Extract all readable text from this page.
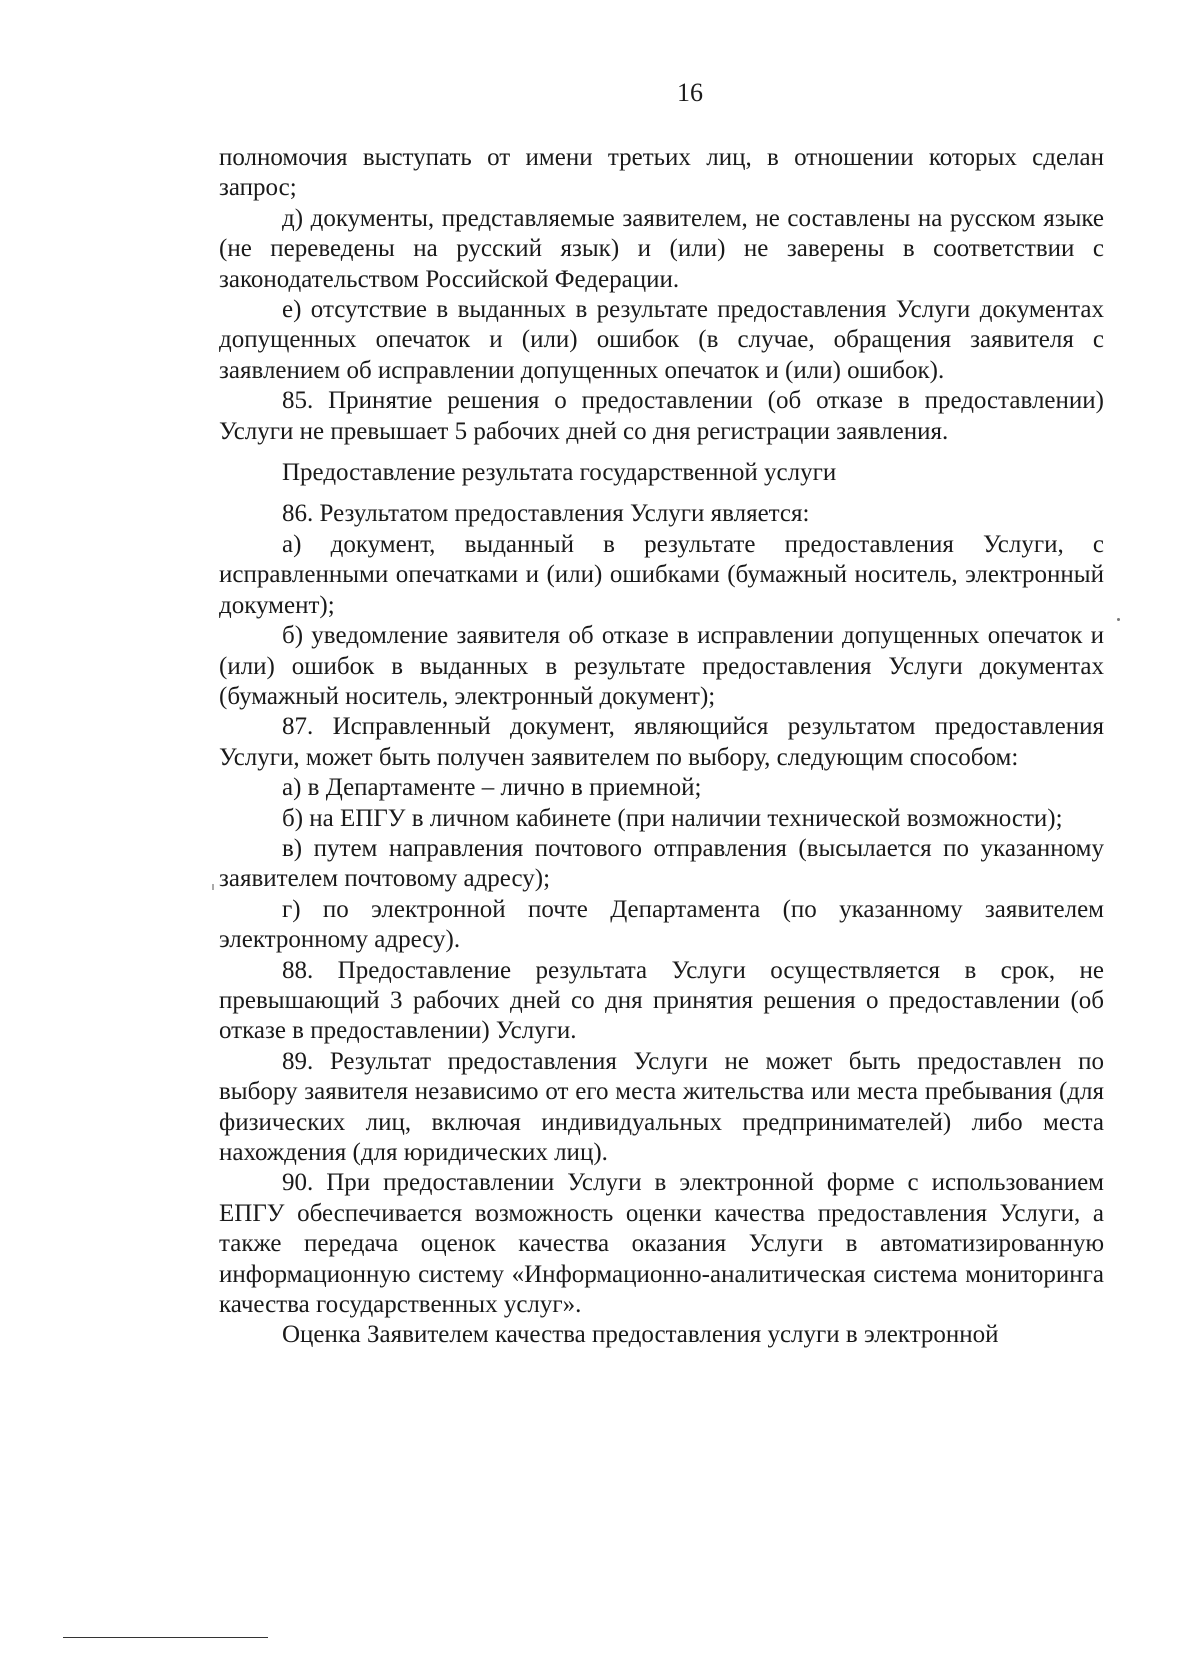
16

полномочия выступать от имени третьих лиц, в отношении которых сделан запрос;

д) документы, представляемые заявителем, не составлены на русском языке (не переведены на русский язык) и (или) не заверены в соответствии с законодательством Российской Федерации.

е) отсутствие в выданных в результате предоставления Услуги документах допущенных опечаток и (или) ошибок (в случае, обращения заявителя с заявлением об исправлении допущенных опечаток и (или) ошибок).

85. Принятие решения о предоставлении (об отказе в предоставлении) Услуги не превышает 5 рабочих дней со дня регистрации заявления.

Предоставление результата государственной услуги

86. Результатом предоставления Услуги является:

а) документ, выданный в результате предоставления Услуги, с исправленными опечатками и (или) ошибками (бумажный носитель, электронный документ);

б) уведомление заявителя об отказе в исправлении допущенных опечаток и (или) ошибок в выданных в результате предоставления Услуги документах (бумажный носитель, электронный документ);

87. Исправленный документ, являющийся результатом предоставления Услуги, может быть получен заявителем по выбору, следующим способом:

а) в Департаменте – лично в приемной;

б) на ЕПГУ в личном кабинете (при наличии технической возможности);

в) путем направления почтового отправления (высылается по указанному заявителем почтовому адресу);

г) по электронной почте Департамента (по указанному заявителем электронному адресу).

88. Предоставление результата Услуги осуществляется в срок, не превышающий 3 рабочих дней со дня принятия решения о предоставлении (об отказе в предоставлении) Услуги.

89. Результат предоставления Услуги не может быть предоставлен по выбору заявителя независимо от его места жительства или места пребывания (для физических лиц, включая индивидуальных предпринимателей) либо места нахождения (для юридических лиц).

90. При предоставлении Услуги в электронной форме с использованием ЕПГУ обеспечивается возможность оценки качества предоставления Услуги, а также передача оценок качества оказания Услуги в автоматизированную информационную систему «Информационно-аналитическая система мониторинга качества государственных услуг».

Оценка Заявителем качества предоставления услуги в электронной
